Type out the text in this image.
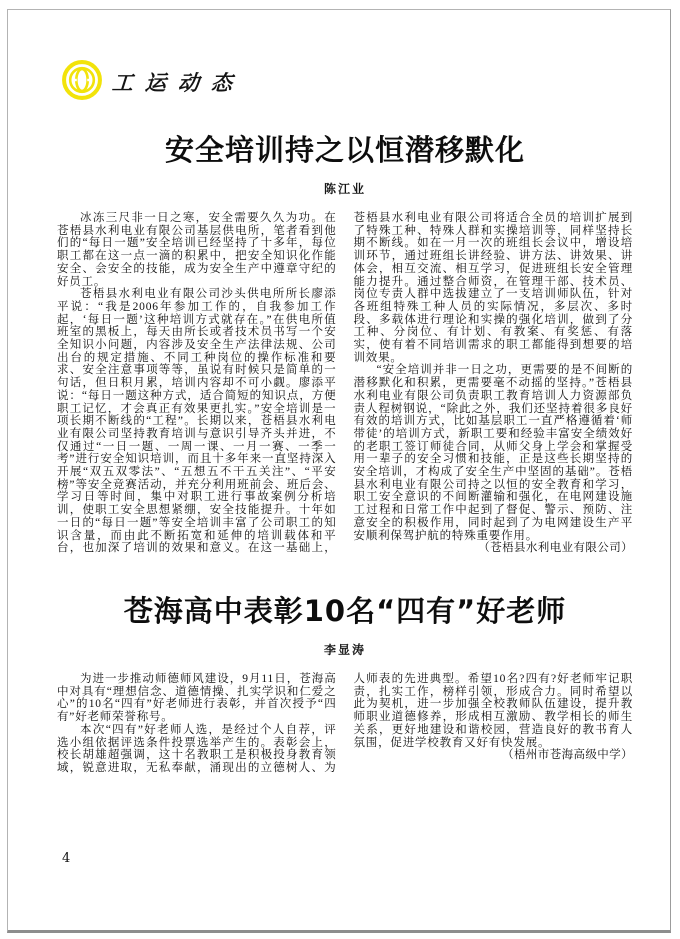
工运动态
安全培训持之以恒潜移默化
陈江业

冰冻三尺非一日之寒，安全需要久久为功。在苍梧县水利电业有限公司基层供电所，笔者看到他们的“每日一题”安全培训已经坚持了十多年，每位职工都在这一点一滴的积累中，把安全知识化作能安全、会安全的技能，成为安全生产中遵章守纪的好员工。

苍梧县水利电业有限公司沙头供电所所长廖添平说：“我是2006年参加工作的，自我参加工作起，‘每日一题’这种培训方式就存在。”在供电所值班室的黑板上，每天由所长或者技术员书写一个安全知识小问题，内容涉及安全生产法律法规、公司出台的规定措施、不同工种岗位的操作标准和要求、安全注意事项等等，虽说有时候只是简单的一句话，但日积月累，培训内容却不可小觑。廖添平说：“每日一题这种方式，适合简短的知识点，方便职工记忆，才会真正有效果更扎实。”安全培训是一项长期不断线的“工程”。长期以来，苍梧县水利电业有限公司坚持教育培训与意识引导齐头并进，不仅通过“一日一题、一周一课、一月一赛、一季一考”进行安全知识培训，而且十多年来一直坚持深入开展“双五双零法”、“五想五不干五关注”、“平安榜”等安全竞赛活动，并充分利用班前会、班后会、学习日等时间，集中对职工进行事故案例分析培训，使职工安全思想紧绷，安全技能提升。十年如一日的“每日一题”等安全培训丰富了公司职工的知识含量，而由此不断拓宽和延伸的培训载体和平台，也加深了培训的效果和意义。在这一基础上，苍梧县水利电业有限公司将适合全员的培训扩展到了特殊工种、特殊人群和实操培训等，同样坚持长期不断线。如在一月一次的班组长会议中，增设培训环节，通过班组长讲经验、讲方法、讲效果、讲体会，相互交流、相互学习，促进班组长安全管理能力提升。通过整合师资，在管理干部、技术员、岗位专责人群中选拔建立了一支培训师队伍，针对各班组特殊工种人员的实际情况，多层次、多时段、多载体进行理论和实操的强化培训，做到了分工种、分岗位、有计划、有教案、有奖惩、有落实，使有着不同培训需求的职工都能得到想要的培训效果。

“安全培训并非一日之功，更需要的是不间断的潜移默化和积累，更需要毫不动摇的坚持。”苍梧县水利电业有限公司负责职工教育培训人力资源部负责人程树钢说，“除此之外，我们还坚持着很多良好有效的培训方式，比如基层职工一直严格遵循着‘师带徒’的培训方式，新职工要和经验丰富安全绩效好的老职工签订师徒合同，从师父身上学会和掌握受用一辈子的安全习惯和技能，正是这些长期坚持的安全培训，才构成了安全生产中坚固的基础”。苍梧县水利电业有限公司持之以恒的安全教育和学习，职工安全意识的不间断灌输和强化，在电网建设施工过程和日常工作中起到了督促、警示、预防、注意安全的积极作用，同时起到了为电网建设生产平安顺利保驾护航的特殊重要作用。
（苍梧县水利电业有限公司）

苍海高中表彰10名“四有”好老师
李显涛

为进一步推动师德师风建设，9月11日，苍海高中对具有“理想信念、道德情操、扎实学识和仁爱之心”的10名“四有”好老师进行表彰，并首次授予“四有”好老师荣誉称号。

本次“四有”好老师人选，是经过个人自荐，评选小组依据评选条件投票选举产生的。表彰会上，校长胡雄超强调，这十名教职工是积极投身教育领域，锐意进取，无私奉献，涌现出的立德树人、为人师表的先进典型。希望10名?四有?好老师牢记职责，扎实工作，榜样引领，形成合力。同时希望以此为契机，进一步加强全校教师队伍建设，提升教师职业道德修养，形成相互激励、教学相长的师生关系，更好地建设和谐校园，营造良好的教书育人氛围，促进学校教育又好有快发展。
（梧州市苍海高级中学）

4
